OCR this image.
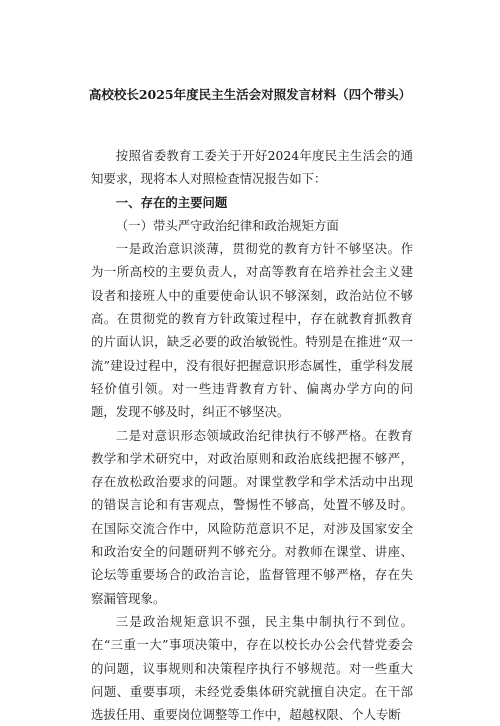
高校校长2025年度民主生活会对照发言材料（四个带头）

按照省委教育工委关于开好2024年度民主生活会的通知要求，现将本人对照检查情况报告如下：

一、存在的主要问题

（一）带头严守政治纪律和政治规矩方面

一是政治意识淡薄，贯彻党的教育方针不够坚决。作为一所高校的主要负责人，对高等教育在培养社会主义建设者和接班人中的重要使命认识不够深刻，政治站位不够高。在贯彻党的教育方针政策过程中，存在就教育抓教育的片面认识，缺乏必要的政治敏锐性。特别是在推进“双一流”建设过程中，没有很好把握意识形态属性，重学科发展轻价值引领。对一些违背教育方针、偏离办学方向的问题，发现不够及时，纠正不够坚决。

二是对意识形态领域政治纪律执行不够严格。在教育教学和学术研究中，对政治原则和政治底线把握不够严，存在放松政治要求的问题。对课堂教学和学术活动中出现的错误言论和有害观点，警惕性不够高，处置不够及时。在国际交流合作中，风险防范意识不足，对涉及国家安全和政治安全的问题研判不够充分。对教师在课堂、讲座、论坛等重要场合的政治言论，监督管理不够严格，存在失察漏管现象。

三是政治规矩意识不强，民主集中制执行不到位。在“三重一大”事项决策中，存在以校长办公会代替党委会的问题，议事规则和决策程序执行不够规范。对一些重大问题、重要事项，未经党委集体研究就擅自决定。在干部选拔任用、重要岗位调整等工作中，超越权限、个人专断
